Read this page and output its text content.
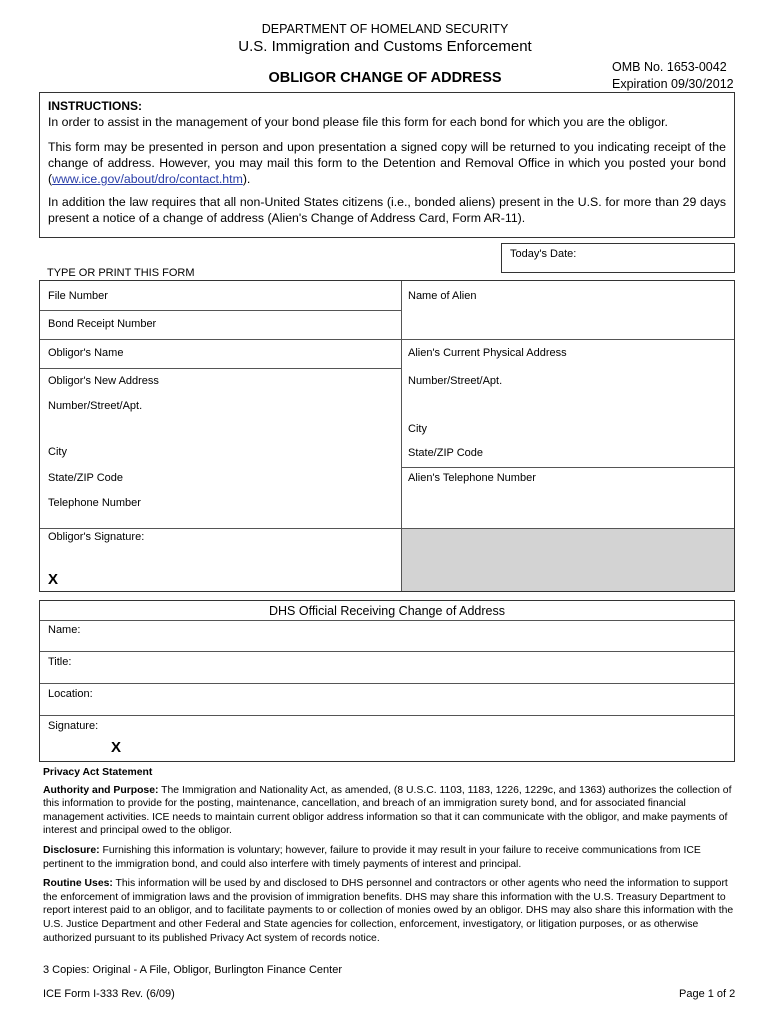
DEPARTMENT OF HOMELAND SECURITY
U.S. Immigration and Customs Enforcement
OBLIGOR CHANGE OF ADDRESS
OMB No. 1653-0042
Expiration 09/30/2012
INSTRUCTIONS:
In order to assist in the management of your bond please file this form for each bond for which you are the obligor.
This form may be presented in person and upon presentation a signed copy will be returned to you indicating receipt of the change of address. However, you may mail this form to the Detention and Removal Office in which you posted your bond (www.ice.gov/about/dro/contact.htm).
In addition the law requires that all non-United States citizens (i.e., bonded aliens) present in the U.S. for more than 29 days present a notice of a change of address (Alien's Change of Address Card, Form AR-11).
Today's Date:
TYPE OR PRINT THIS FORM
File Number
Bond Receipt Number
Obligor's Name
Obligor's New Address
Number/Street/Apt.
City
State/ZIP Code
Telephone Number
Obligor's Signature:
X
Name of Alien
Alien's Current Physical Address
Number/Street/Apt.
City
State/ZIP Code
Alien's Telephone Number
DHS Official Receiving Change of Address
Name:
Title:
Location:
Signature:
X

Privacy Act Statement

Authority and Purpose: The Immigration and Nationality Act, as amended, (8 U.S.C. 1103, 1183, 1226, 1229c, and 1363) authorizes the collection of this information to provide for the posting, maintenance, cancellation, and breach of an immigration surety bond, and for associated financial management activities. ICE needs to maintain current obligor address information so that it can communicate with the obligor, and make payments of interest and principal owed to the obligor.

Disclosure: Furnishing this information is voluntary; however, failure to provide it may result in your failure to receive communications from ICE pertinent to the immigration bond, and could also interfere with timely payments of interest and principal.

Routine Uses: This information will be used by and disclosed to DHS personnel and contractors or other agents who need the information to support the enforcement of immigration laws and the provision of immigration benefits. DHS may share this information with the U.S. Treasury Department to report interest paid to an obligor, and to facilitate payments to or collection of monies owed by an obligor. DHS may also share this information with the U.S. Justice Department and other Federal and State agencies for collection, enforcement, investigatory, or litigation purposes, or as otherwise authorized pursuant to its published Privacy Act system of records notice.

3 Copies: Original - A File, Obligor, Burlington Finance Center
ICE Form I-333 Rev. (6/09)	Page 1 of 2
